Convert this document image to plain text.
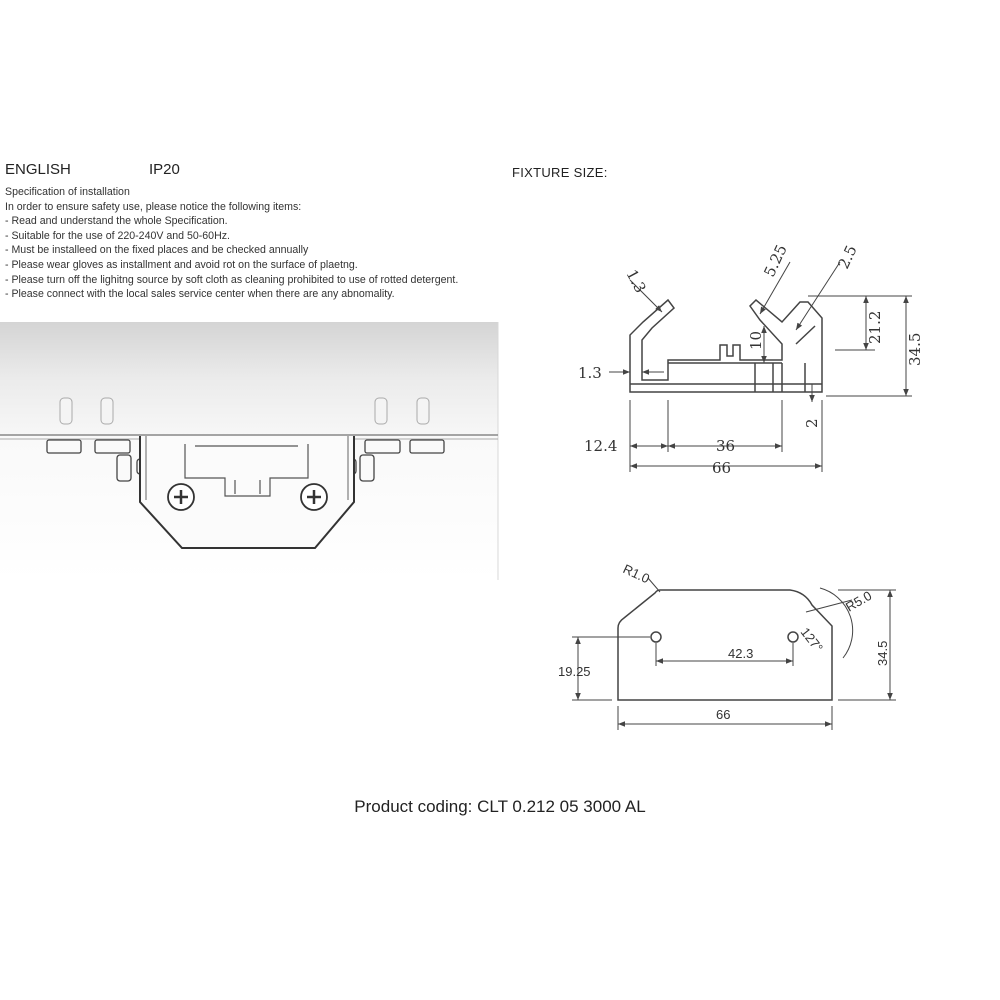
ENGLISH	IP20	FIXTURE SIZE:
Specification of installation
In order to ensure safety use, please notice the following items:
- Read and understand the whole Specification.
- Suitable for the use of 220-240V and 50-60Hz.
- Must be installeed on the fixed places and be checked annually
- Please wear gloves as installment and avoid rot on the surface of plaetng.
- Please turn off the lighitng source by soft cloth as cleaning prohibited to use of rotted detergent.
- Please connect with the local sales service center when there are any abnomality.	1.3
5.25	2.5
10	21.2
34.5
1.3
2
12.4	36
66
R1.0
R5.0
127°
42.3
19.25
34.5
66
Product coding: CLT 0.212 05 3000 AL
